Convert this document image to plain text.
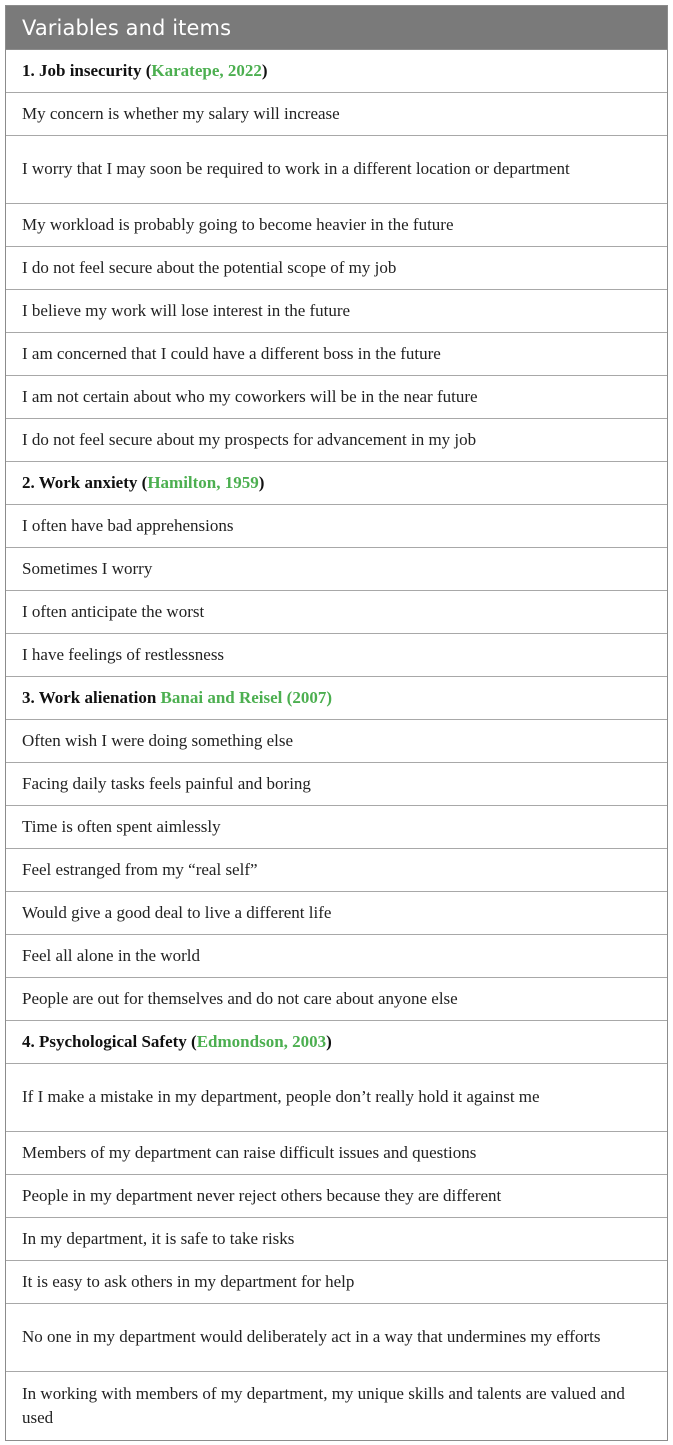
Variables and items
1. Job insecurity (Karatepe, 2022)
My concern is whether my salary will increase
I worry that I may soon be required to work in a different location or department
My workload is probably going to become heavier in the future
I do not feel secure about the potential scope of my job
I believe my work will lose interest in the future
I am concerned that I could have a different boss in the future
I am not certain about who my coworkers will be in the near future
I do not feel secure about my prospects for advancement in my job
2. Work anxiety (Hamilton, 1959)
I often have bad apprehensions
Sometimes I worry
I often anticipate the worst
I have feelings of restlessness
3. Work alienation Banai and Reisel (2007)
Often wish I were doing something else
Facing daily tasks feels painful and boring
Time is often spent aimlessly
Feel estranged from my “real self”
Would give a good deal to live a different life
Feel all alone in the world
People are out for themselves and do not care about anyone else
4. Psychological Safety (Edmondson, 2003)
If I make a mistake in my department, people don’t really hold it against me
Members of my department can raise difficult issues and questions
People in my department never reject others because they are different
In my department, it is safe to take risks
It is easy to ask others in my department for help
No one in my department would deliberately act in a way that undermines my efforts
In working with members of my department, my unique skills and talents are valued and used
